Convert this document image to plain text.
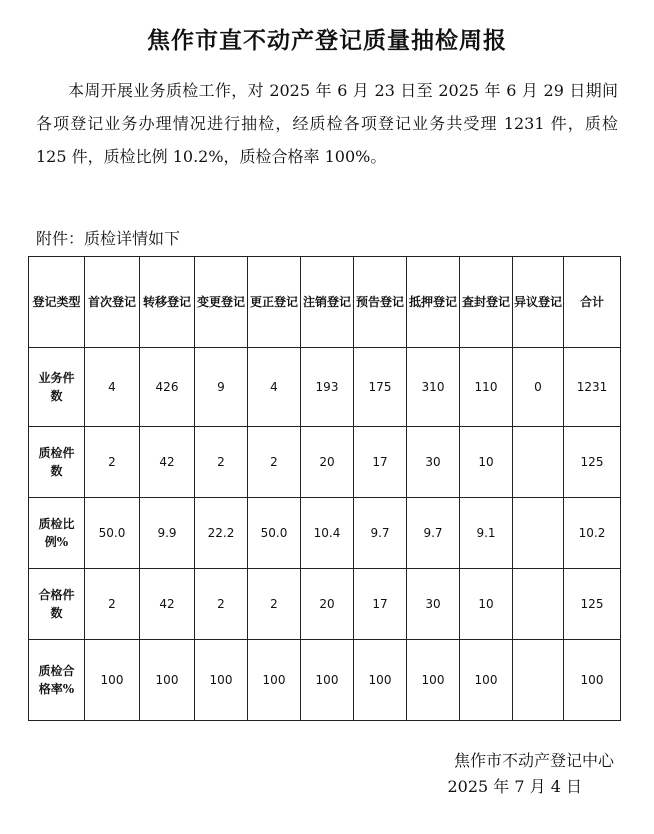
焦作市直不动产登记质量抽检周报
本周开展业务质检工作，对 2025 年 6 月 23 日至 2025 年 6 月 29 日期间各项登记业务办理情况进行抽检，经质检各项登记业务共受理 1231 件，质检 125 件，质检比例 10.2%，质检合格率 100%。
附件：质检详情如下
登记类型	首次登记	转移登记	变更登记	更正登记	注销登记	预告登记	抵押登记	查封登记	异议登记	合计
业务件数	4	426	9	4	193	175	310	110	0	1231
质检件数	2	42	2	2	20	17	30	10		125
质检比例%	50.0	9.9	22.2	50.0	10.4	9.7	9.7	9.1		10.2
合格件数	2	42	2	2	20	17	30	10		125
质检合格率%	100	100	100	100	100	100	100	100		100
焦作市不动产登记中心
2025 年 7 月 4 日
